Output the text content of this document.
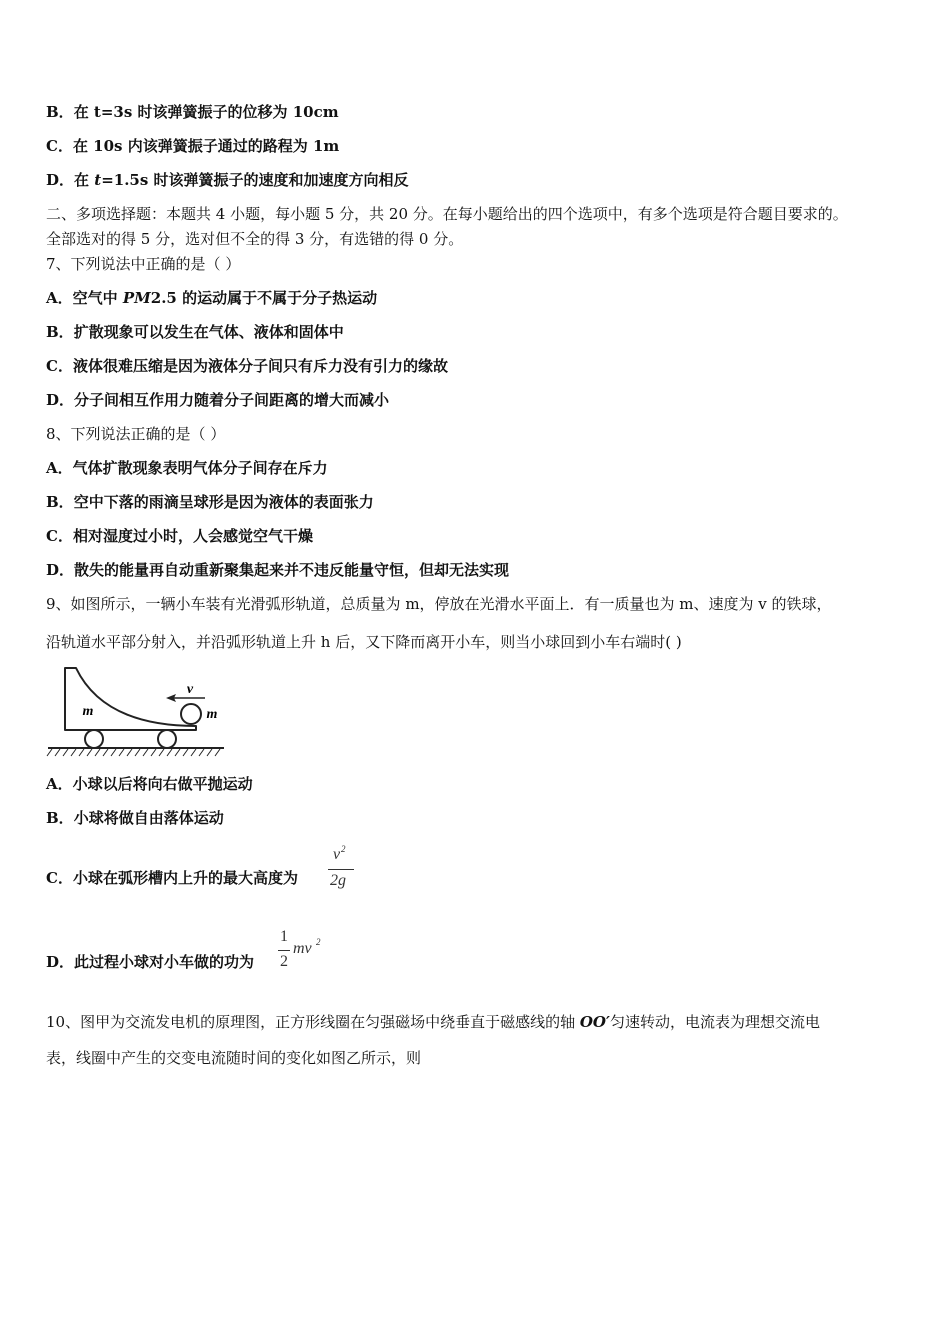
B．在 t=3s 时该弹簧振子的位移为 10cm
C．在 10s 内该弹簧振子通过的路程为 1m
D．在 t=1.5s 时该弹簧振子的速度和加速度方向相反
二、多项选择题：本题共 4 小题，每小题 5 分，共 20 分。在每小题给出的四个选项中，有多个选项是符合题目要求的。
全部选对的得 5 分，选对但不全的得 3 分，有选错的得 0 分。
7、下列说法中正确的是（ ）
A．空气中 PM2.5 的运动属于不属于分子热运动
B．扩散现象可以发生在气体、液体和固体中
C．液体很难压缩是因为液体分子间只有斥力没有引力的缘故
D．分子间相互作用力随着分子间距离的增大而减小
8、下列说法正确的是（ ）
A．气体扩散现象表明气体分子间存在斥力
B．空中下落的雨滴呈球形是因为液体的表面张力
C．相对湿度过小时，人会感觉空气干燥
D．散失的能量再自动重新聚集起来并不违反能量守恒，但却无法实现
9、如图所示，一辆小车装有光滑弧形轨道，总质量为 m，停放在光滑水平面上．有一质量也为 m、速度为 v 的铁球，
沿轨道水平部分射入，并沿弧形轨道上升 h 后，又下降而离开小车，则当小球回到小车右端时( )
v
m	m
A．小球以后将向右做平抛运动
B．小球将做自由落体运动
C．小球在弧形槽内上升的最大高度为
v 2
2g
D．此过程小球对小车做的功为
1
2
mv 2
10、图甲为交流发电机的原理图，正方形线圈在匀强磁场中绕垂直于磁感线的轴 OO′匀速转动，电流表为理想交流电
表，线圈中产生的交变电流随时间的变化如图乙所示，则
